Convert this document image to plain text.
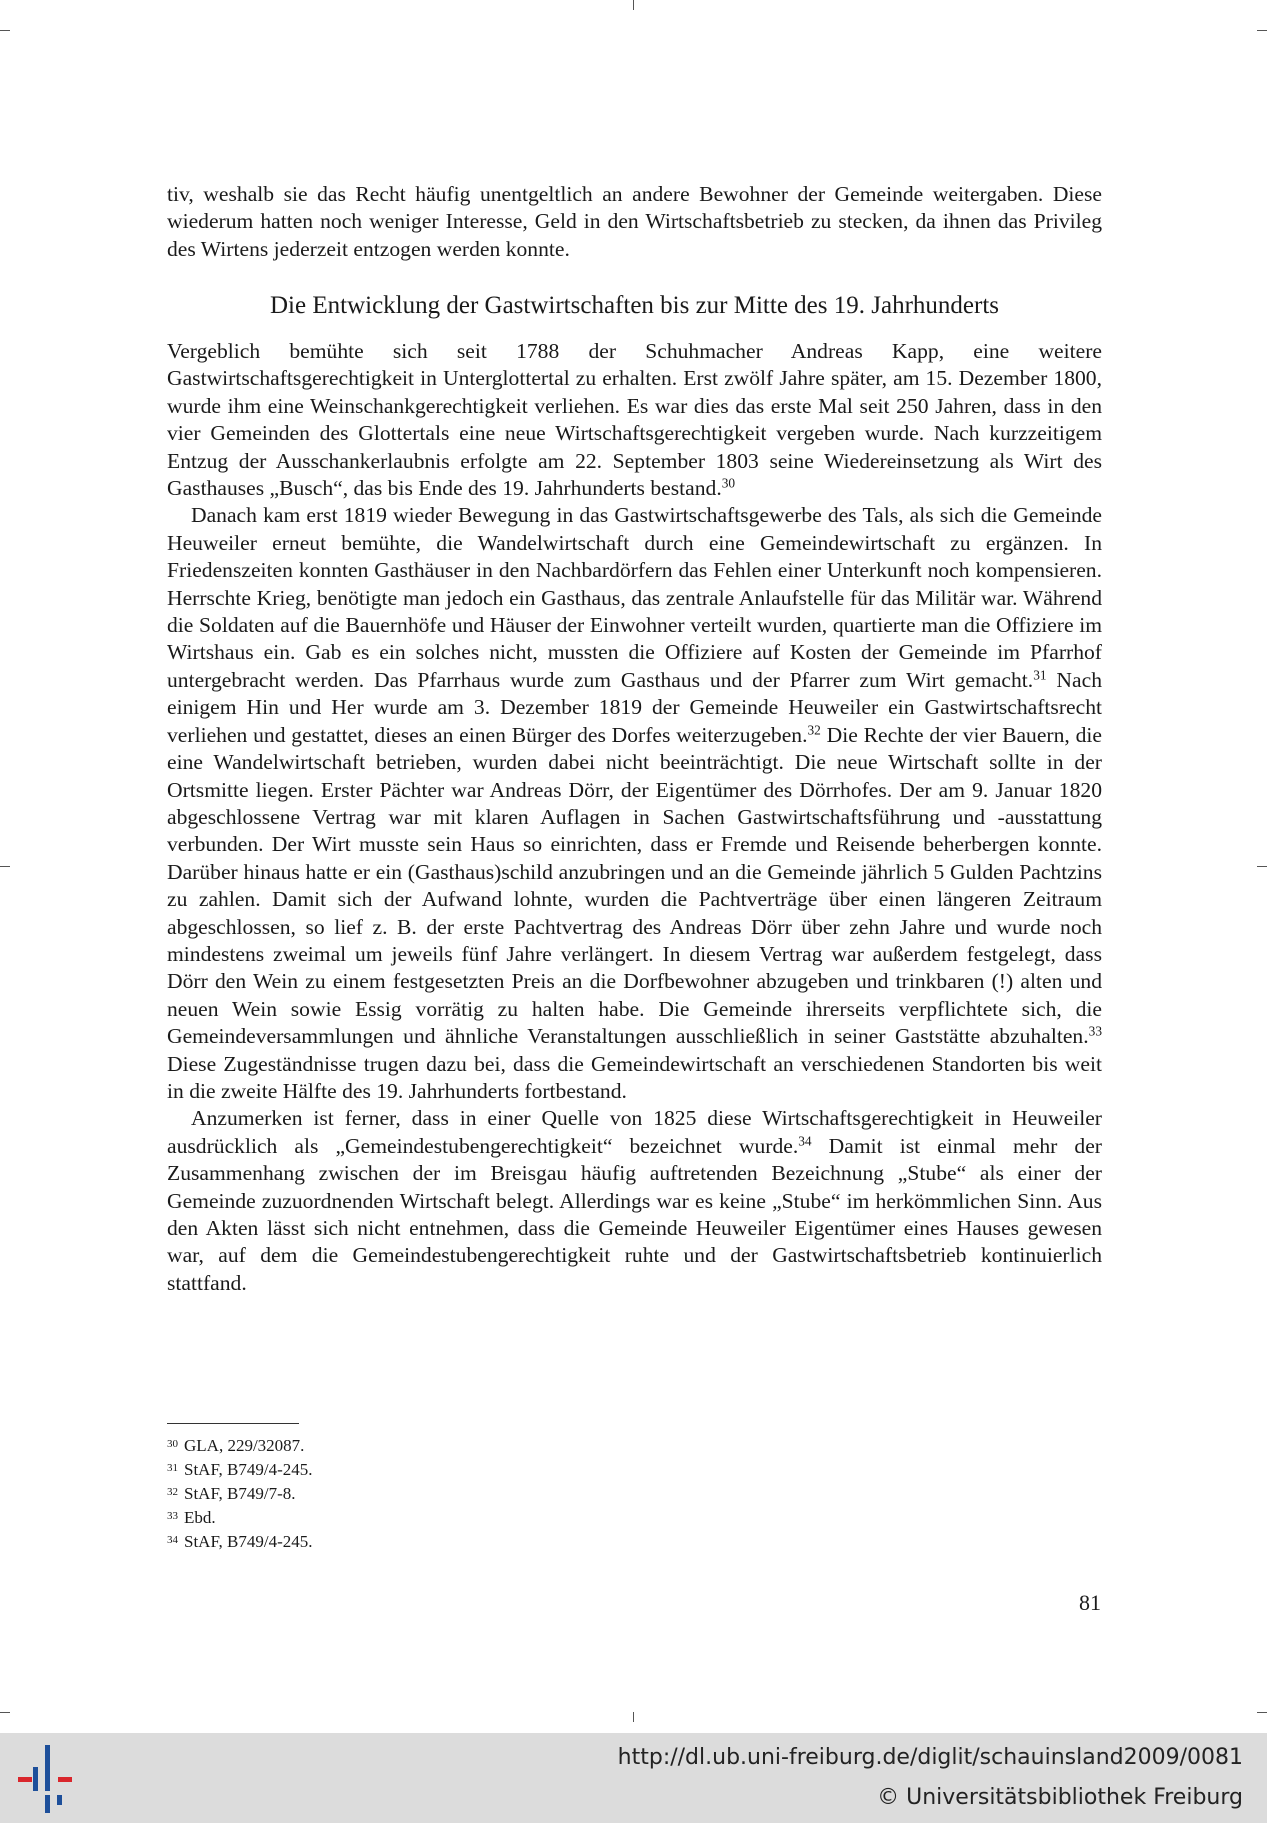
tiv, weshalb sie das Recht häufig unentgeltlich an andere Bewohner der Gemeinde weitergaben. Diese wiederum hatten noch weniger Interesse, Geld in den Wirtschaftsbetrieb zu stecken, da ihnen das Privileg des Wirtens jederzeit entzogen werden konnte.

Die Entwicklung der Gastwirtschaften bis zur Mitte des 19. Jahrhunderts

Vergeblich bemühte sich seit 1788 der Schuhmacher Andreas Kapp, eine weitere Gastwirtschaftsgerechtigkeit in Unterglottertal zu erhalten. Erst zwölf Jahre später, am 15. Dezember 1800, wurde ihm eine Weinschankgerechtigkeit verliehen. Es war dies das erste Mal seit 250 Jahren, dass in den vier Gemeinden des Glottertals eine neue Wirtschaftsgerechtigkeit vergeben wurde. Nach kurzzeitigem Entzug der Ausschankerlaubnis erfolgte am 22. September 1803 seine Wiedereinsetzung als Wirt des Gasthauses „Busch“, das bis Ende des 19. Jahrhunderts bestand.$^{30}$

Danach kam erst 1819 wieder Bewegung in das Gastwirtschaftsgewerbe des Tals, als sich die Gemeinde Heuweiler erneut bemühte, die Wandelwirtschaft durch eine Gemeindewirtschaft zu ergänzen. In Friedenszeiten konnten Gasthäuser in den Nachbardörfern das Fehlen einer Unterkunft noch kompensieren. Herrschte Krieg, benötigte man jedoch ein Gasthaus, das zentrale Anlaufstelle für das Militär war. Während die Soldaten auf die Bauernhöfe und Häuser der Einwohner verteilt wurden, quartierte man die Offiziere im Wirtshaus ein. Gab es ein solches nicht, mussten die Offiziere auf Kosten der Gemeinde im Pfarrhof untergebracht werden. Das Pfarrhaus wurde zum Gasthaus und der Pfarrer zum Wirt gemacht.$^{31}$ Nach einigem Hin und Her wurde am 3. Dezember 1819 der Gemeinde Heuweiler ein Gastwirtschaftsrecht verliehen und gestattet, dieses an einen Bürger des Dorfes weiterzugeben.$^{32}$ Die Rechte der vier Bauern, die eine Wandelwirtschaft betrieben, wurden dabei nicht beeinträchtigt. Die neue Wirtschaft sollte in der Ortsmitte liegen. Erster Pächter war Andreas Dörr, der Eigentümer des Dörrhofes. Der am 9. Januar 1820 abgeschlossene Vertrag war mit klaren Auflagen in Sachen Gastwirtschaftsführung und -ausstattung verbunden. Der Wirt musste sein Haus so einrichten, dass er Fremde und Reisende beherbergen konnte. Darüber hinaus hatte er ein (Gasthaus)schild anzubringen und an die Gemeinde jährlich 5 Gulden Pachtzins zu zahlen. Damit sich der Aufwand lohnte, wurden die Pachtverträge über einen längeren Zeitraum abgeschlossen, so lief z. B. der erste Pachtvertrag des Andreas Dörr über zehn Jahre und wurde noch mindestens zweimal um jeweils fünf Jahre verlängert. In diesem Vertrag war außerdem festgelegt, dass Dörr den Wein zu einem festgesetzten Preis an die Dorfbewohner abzugeben und trinkbaren (!) alten und neuen Wein sowie Essig vorrätig zu halten habe. Die Gemeinde ihrerseits verpflichtete sich, die Gemeindeversammlungen und ähnliche Veranstaltungen ausschließlich in seiner Gaststätte abzuhalten.$^{33}$ Diese Zugeständnisse trugen dazu bei, dass die Gemeindewirtschaft an verschiedenen Standorten bis weit in die zweite Hälfte des 19. Jahrhunderts fortbestand.

Anzumerken ist ferner, dass in einer Quelle von 1825 diese Wirtschaftsgerechtigkeit in Heuweiler ausdrücklich als „Gemeindestubengerechtigkeit“ bezeichnet wurde.$^{34}$ Damit ist einmal mehr der Zusammenhang zwischen der im Breisgau häufig auftretenden Bezeichnung „Stube“ als einer der Gemeinde zuzuordnenden Wirtschaft belegt. Allerdings war es keine „Stube“ im herkömmlichen Sinn. Aus den Akten lässt sich nicht entnehmen, dass die Gemeinde Heuweiler Eigentümer eines Hauses gewesen war, auf dem die Gemeindestubengerechtigkeit ruhte und der Gastwirtschaftsbetrieb kontinuierlich stattfand.

$^{30}$ GLA, 229/32087.
$^{31}$ StAF, B749/4-245.
$^{32}$ StAF, B749/7-8.
$^{33}$ Ebd.
$^{34}$ StAF, B749/4-245.
81
http://dl.ub.uni-freiburg.de/diglit/schauinsland2009/0081
© Universitätsbibliothek Freiburg
